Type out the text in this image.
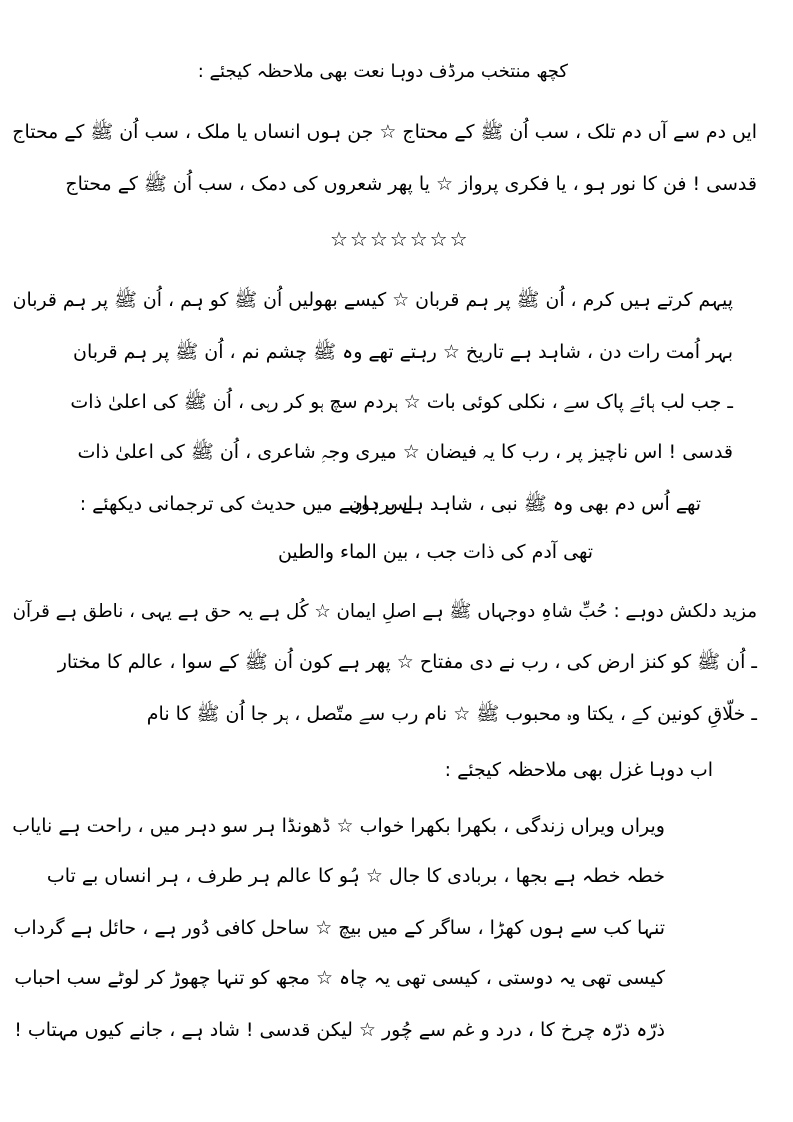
کچھ منتخب مرڈف دوہا نعت بھی ملاحظہ کیجئے :
ایں دم سے آں دم تلک ، سب اُن ﷺ کے محتاج ☆ جن ہوں انساں یا ملک ، سب اُن ﷺ کے محتاج
قدسی ! فن کا نور ہو ، یا فکری پرواز ☆ یا پھر شعروں کی دمک ، سب اُن ﷺ کے محتاج
☆☆☆☆☆☆☆
پیہم کرتے ہیں کرم ، اُن ﷺ پر ہم قربان ☆ کیسے بھولیں اُن ﷺ کو ہم ، اُن ﷺ پر ہم قربان
بہر اُمت رات دن ، شاہد ہے تاریخ ☆ رہتے تھے وہ ﷺ چشم نم ، اُن ﷺ پر ہم قربان
ـ جب لب ہائے پاک سے ، نکلی کوئی بات ☆ ہردم سچ ہو کر رہی ، اُن ﷺ کی اعلیٰ ذات
قدسی ! اس ناچیز پر ، رب کا یہ فیضان ☆ میری وجہِ شاعری ، اُن ﷺ کی اعلیٰ ذات
اس دوہے میں حدیث کی ترجمانی دیکھئے :
تھے اُس دم بھی وہ ﷺ نبی ، شاہد ہے برہان
تھی آدم کی ذات جب ، بین الماء والطین
مزید دلکش دوہے : حُبِّ شاہِ دوجہاں ﷺ ہے اصلِ ایمان ☆ کُل ہے یہ حق ہے یہی ، ناطق ہے قرآن
ـ اُن ﷺ کو کنز ارض کی ، رب نے دی مفتاح ☆ پھر ہے کون اُن ﷺ کے سوا ، عالم کا مختار
ـ خلّاقِ کونین کے ، یکتا وہ محبوب ﷺ ☆ نام رب سے متّصل ، ہر جا اُن ﷺ کا نام
اب دوہا غزل بھی ملاحظہ کیجئے :
ویراں ویراں زندگی ، بکھرا بکھرا خواب ☆ ڈھونڈا ہر سو دہر میں ، راحت ہے نایاب
خطہ خطہ ہے بجھا ، بربادی کا جال ☆ ہُو کا عالم ہر طرف ، ہر انساں بے تاب
تنہا کب سے ہوں کھڑا ، ساگر کے میں بیچ ☆ ساحل کافی دُور ہے ، حائل ہے گرداب
کیسی تھی یہ دوستی ، کیسی تھی یہ چاہ ☆ مجھ کو تنہا چھوڑ کر لوٹے سب احباب
ذرّہ ذرّہ چرخ کا ، درد و غم سے چُور ☆ لیکن قدسی ! شاد ہے ، جانے کیوں مہتاب !
